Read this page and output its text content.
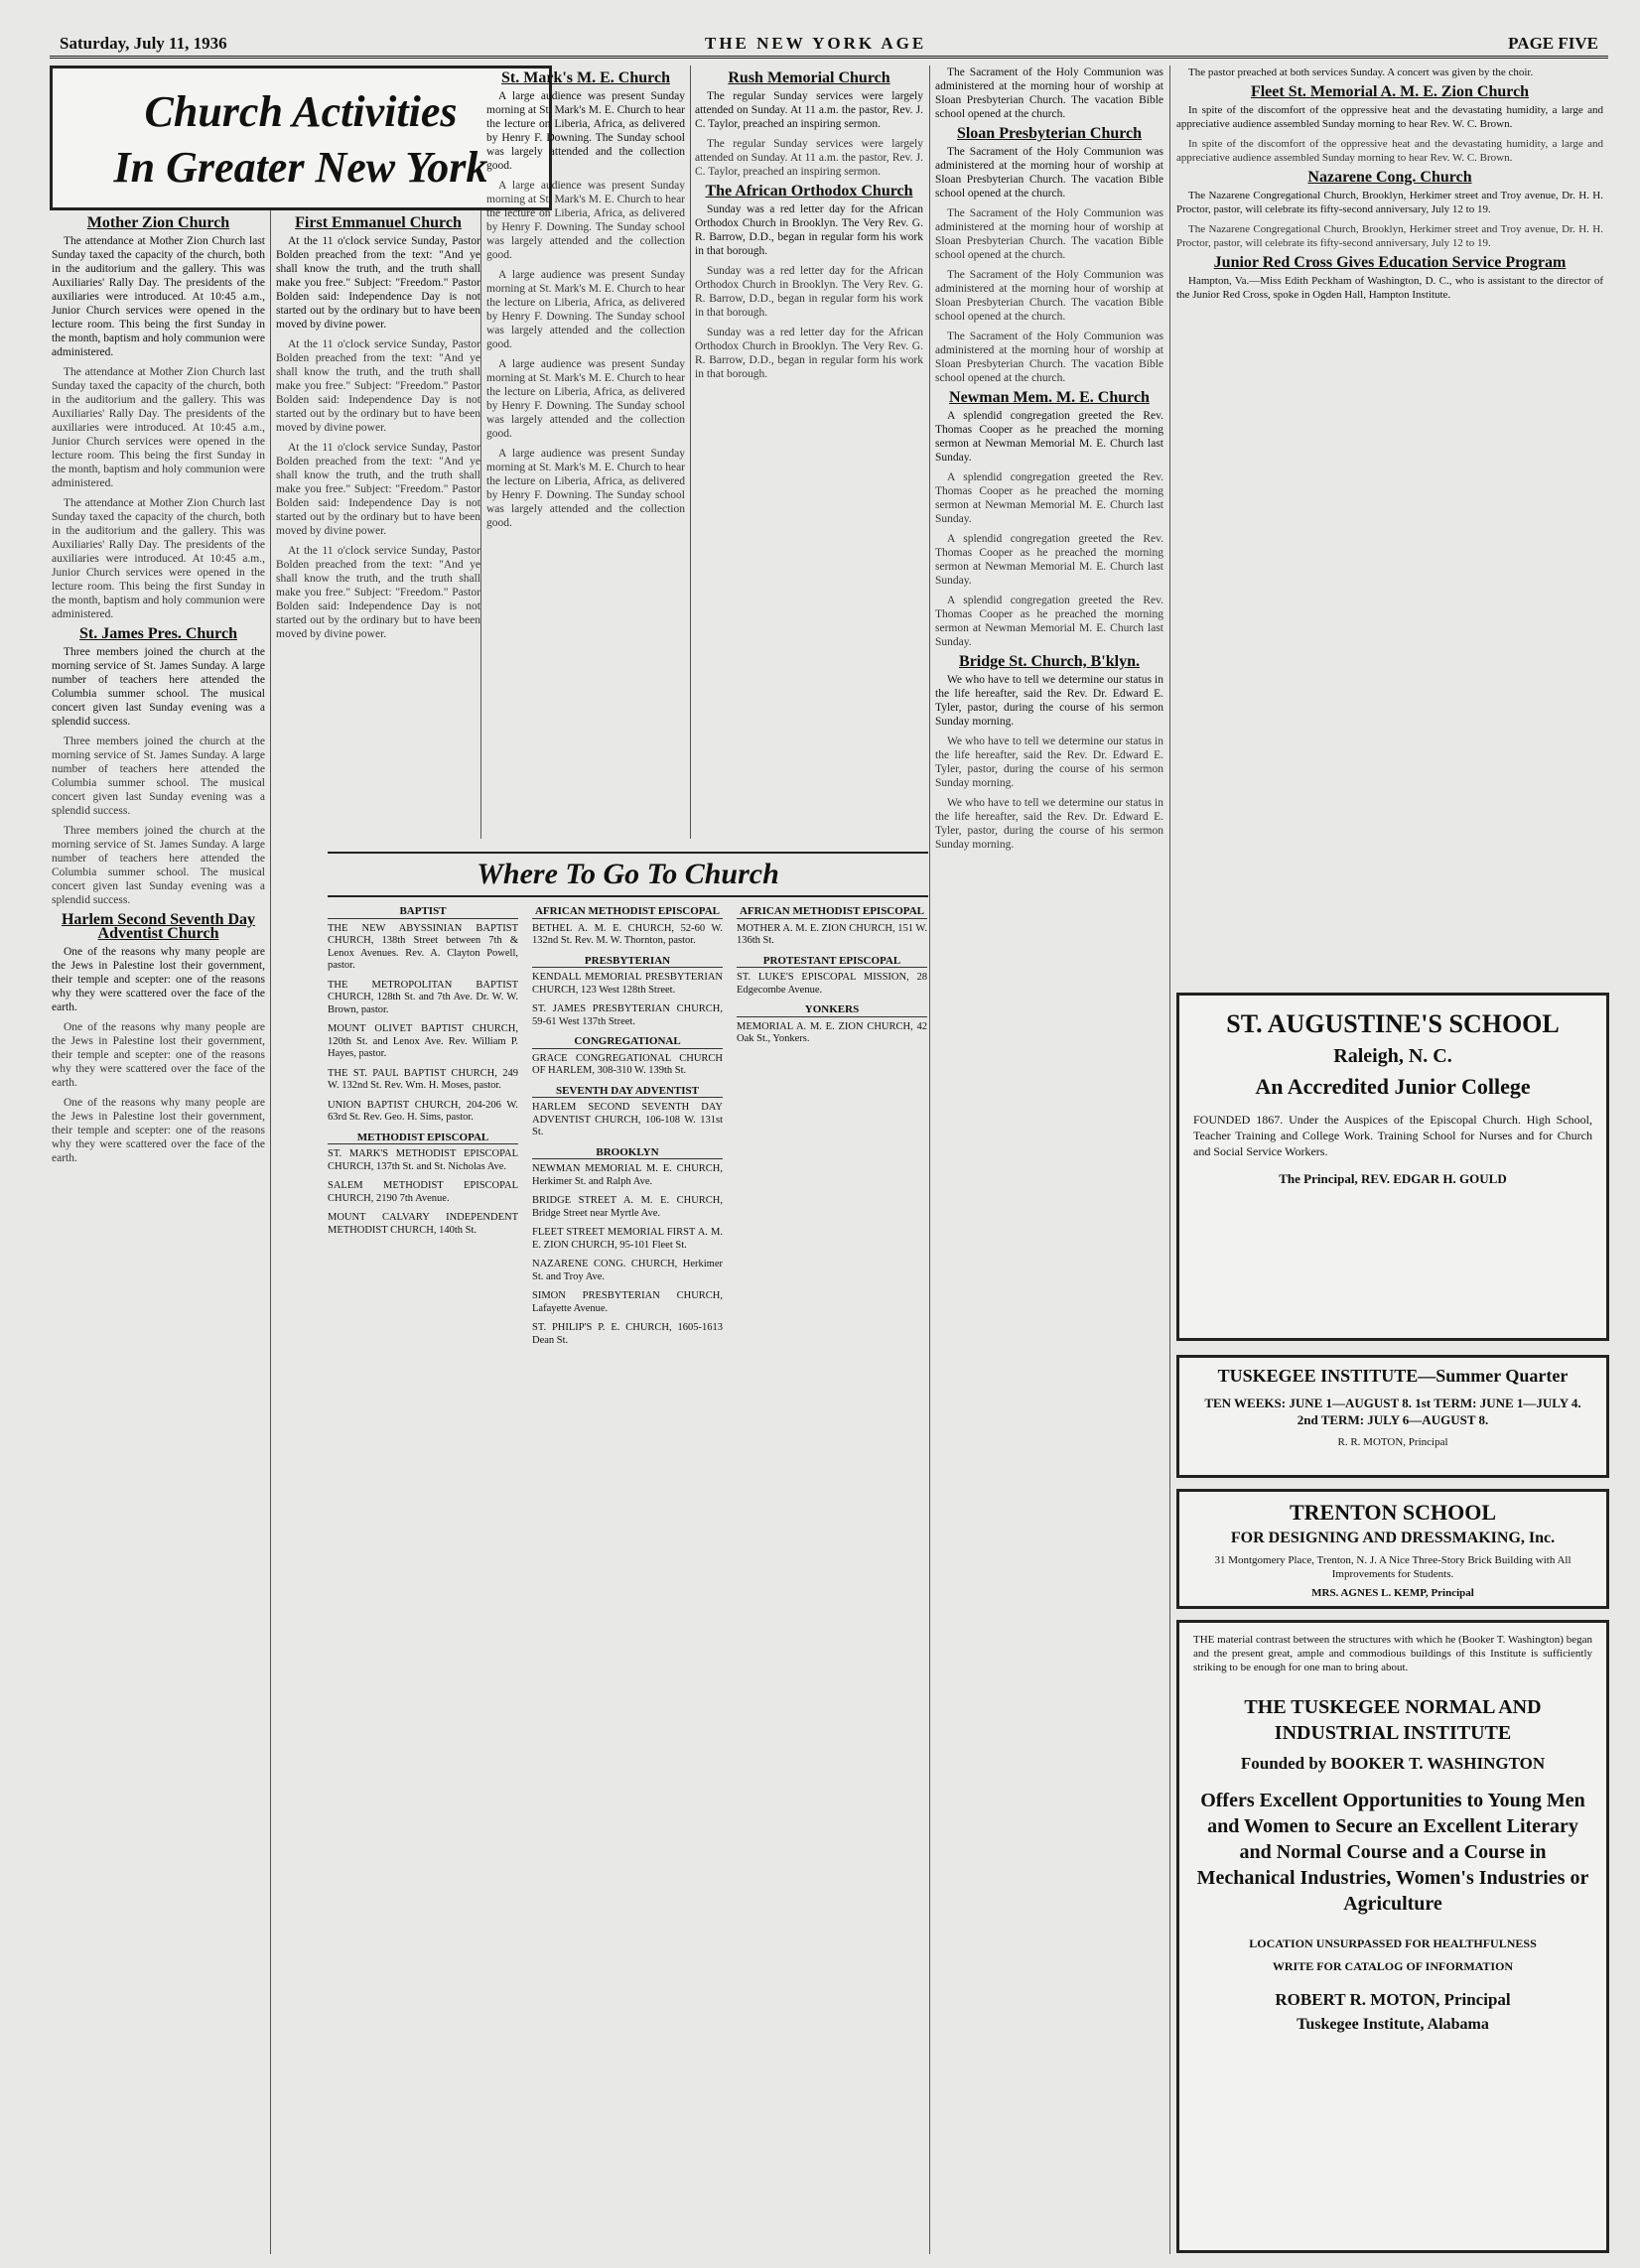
Saturday, July 11, 1936	THE NEW YORK AGE	PAGE FIVE
Church Activities
In Greater New York
Mother Zion Church

The attendance at Mother Zion Church last Sunday taxed the capacity of the church, both in the auditorium and the gallery. This was Auxiliaries' Rally Day. The presidents of the auxiliaries were introduced. At 10:45 a.m., Junior Church services were opened in the lecture room. This being the first Sunday in the month, baptism and holy communion were administered.

The attendance at Mother Zion Church last Sunday taxed the capacity of the church, both in the auditorium and the gallery. This was Auxiliaries' Rally Day. The presidents of the auxiliaries were introduced. At 10:45 a.m., Junior Church services were opened in the lecture room. This being the first Sunday in the month, baptism and holy communion were administered.

The attendance at Mother Zion Church last Sunday taxed the capacity of the church, both in the auditorium and the gallery. This was Auxiliaries' Rally Day. The presidents of the auxiliaries were introduced. At 10:45 a.m., Junior Church services were opened in the lecture room. This being the first Sunday in the month, baptism and holy communion were administered.

St. James Pres. Church

Three members joined the church at the morning service of St. James Sunday. A large number of teachers here attended the Columbia summer school. The musical concert given last Sunday evening was a splendid success.

Three members joined the church at the morning service of St. James Sunday. A large number of teachers here attended the Columbia summer school. The musical concert given last Sunday evening was a splendid success.

Three members joined the church at the morning service of St. James Sunday. A large number of teachers here attended the Columbia summer school. The musical concert given last Sunday evening was a splendid success.

Harlem Second Seventh Day Adventist Church

One of the reasons why many people are the Jews in Palestine lost their government, their temple and scepter: one of the reasons why they were scattered over the face of the earth.

One of the reasons why many people are the Jews in Palestine lost their government, their temple and scepter: one of the reasons why they were scattered over the face of the earth.

One of the reasons why many people are the Jews in Palestine lost their government, their temple and scepter: one of the reasons why they were scattered over the face of the earth.

First Emmanuel Church

At the 11 o'clock service Sunday, Pastor Bolden preached from the text: "And ye shall know the truth, and the truth shall make you free." Subject: "Freedom." Pastor Bolden said: Independence Day is not started out by the ordinary but to have been moved by divine power.

At the 11 o'clock service Sunday, Pastor Bolden preached from the text: "And ye shall know the truth, and the truth shall make you free." Subject: "Freedom." Pastor Bolden said: Independence Day is not started out by the ordinary but to have been moved by divine power.

At the 11 o'clock service Sunday, Pastor Bolden preached from the text: "And ye shall know the truth, and the truth shall make you free." Subject: "Freedom." Pastor Bolden said: Independence Day is not started out by the ordinary but to have been moved by divine power.

At the 11 o'clock service Sunday, Pastor Bolden preached from the text: "And ye shall know the truth, and the truth shall make you free." Subject: "Freedom." Pastor Bolden said: Independence Day is not started out by the ordinary but to have been moved by divine power.

St. Mark's M. E. Church

A large audience was present Sunday morning at St. Mark's M. E. Church to hear the lecture on Liberia, Africa, as delivered by Henry F. Downing. The Sunday school was largely attended and the collection good.

A large audience was present Sunday morning at St. Mark's M. E. Church to hear the lecture on Liberia, Africa, as delivered by Henry F. Downing. The Sunday school was largely attended and the collection good.

A large audience was present Sunday morning at St. Mark's M. E. Church to hear the lecture on Liberia, Africa, as delivered by Henry F. Downing. The Sunday school was largely attended and the collection good.

A large audience was present Sunday morning at St. Mark's M. E. Church to hear the lecture on Liberia, Africa, as delivered by Henry F. Downing. The Sunday school was largely attended and the collection good.

A large audience was present Sunday morning at St. Mark's M. E. Church to hear the lecture on Liberia, Africa, as delivered by Henry F. Downing. The Sunday school was largely attended and the collection good.

Rush Memorial Church

The regular Sunday services were largely attended on Sunday. At 11 a.m. the pastor, Rev. J. C. Taylor, preached an inspiring sermon.

The regular Sunday services were largely attended on Sunday. At 11 a.m. the pastor, Rev. J. C. Taylor, preached an inspiring sermon.

The African Orthodox Church

Sunday was a red letter day for the African Orthodox Church in Brooklyn. The Very Rev. G. R. Barrow, D.D., began in regular form his work in that borough.

Sunday was a red letter day for the African Orthodox Church in Brooklyn. The Very Rev. G. R. Barrow, D.D., began in regular form his work in that borough.

Sunday was a red letter day for the African Orthodox Church in Brooklyn. The Very Rev. G. R. Barrow, D.D., began in regular form his work in that borough.

Where To Go To Church
BAPTIST

THE NEW ABYSSINIAN BAPTIST CHURCH, 138th Street between 7th & Lenox Avenues. Rev. A. Clayton Powell, pastor.

THE METROPOLITAN BAPTIST CHURCH, 128th St. and 7th Ave. Dr. W. W. Brown, pastor.

MOUNT OLIVET BAPTIST CHURCH, 120th St. and Lenox Ave. Rev. William P. Hayes, pastor.

THE ST. PAUL BAPTIST CHURCH, 249 W. 132nd St. Rev. Wm. H. Moses, pastor.

UNION BAPTIST CHURCH, 204-206 W. 63rd St. Rev. Geo. H. Sims, pastor.

METHODIST EPISCOPAL

ST. MARK'S METHODIST EPISCOPAL CHURCH, 137th St. and St. Nicholas Ave.

SALEM METHODIST EPISCOPAL CHURCH, 2190 7th Avenue.

MOUNT CALVARY INDEPENDENT METHODIST CHURCH, 140th St.

AFRICAN METHODIST EPISCOPAL

BETHEL A. M. E. CHURCH, 52-60 W. 132nd St. Rev. M. W. Thornton, pastor.

PRESBYTERIAN

KENDALL MEMORIAL PRESBYTERIAN CHURCH, 123 West 128th Street.

ST. JAMES PRESBYTERIAN CHURCH, 59-61 West 137th Street.

CONGREGATIONAL

GRACE CONGREGATIONAL CHURCH OF HARLEM, 308-310 W. 139th St.

SEVENTH DAY ADVENTIST

HARLEM SECOND SEVENTH DAY ADVENTIST CHURCH, 106-108 W. 131st St.

BROOKLYN

NEWMAN MEMORIAL M. E. CHURCH, Herkimer St. and Ralph Ave.

BRIDGE STREET A. M. E. CHURCH, Bridge Street near Myrtle Ave.

FLEET STREET MEMORIAL FIRST A. M. E. ZION CHURCH, 95-101 Fleet St.

NAZARENE CONG. CHURCH, Herkimer St. and Troy Ave.

SIMON PRESBYTERIAN CHURCH, Lafayette Avenue.

ST. PHILIP'S P. E. CHURCH, 1605-1613 Dean St.

AFRICAN METHODIST EPISCOPAL

MOTHER A. M. E. ZION CHURCH, 151 W. 136th St.

PROTESTANT EPISCOPAL

ST. LUKE'S EPISCOPAL MISSION, 28 Edgecombe Avenue.

YONKERS

MEMORIAL A. M. E. ZION CHURCH, 42 Oak St., Yonkers.

The Sacrament of the Holy Communion was administered at the morning hour of worship at Sloan Presbyterian Church. The vacation Bible school opened at the church.

Sloan Presbyterian Church

The Sacrament of the Holy Communion was administered at the morning hour of worship at Sloan Presbyterian Church. The vacation Bible school opened at the church.

The Sacrament of the Holy Communion was administered at the morning hour of worship at Sloan Presbyterian Church. The vacation Bible school opened at the church.

The Sacrament of the Holy Communion was administered at the morning hour of worship at Sloan Presbyterian Church. The vacation Bible school opened at the church.

The Sacrament of the Holy Communion was administered at the morning hour of worship at Sloan Presbyterian Church. The vacation Bible school opened at the church.

Newman Mem. M. E. Church

A splendid congregation greeted the Rev. Thomas Cooper as he preached the morning sermon at Newman Memorial M. E. Church last Sunday.

A splendid congregation greeted the Rev. Thomas Cooper as he preached the morning sermon at Newman Memorial M. E. Church last Sunday.

A splendid congregation greeted the Rev. Thomas Cooper as he preached the morning sermon at Newman Memorial M. E. Church last Sunday.

A splendid congregation greeted the Rev. Thomas Cooper as he preached the morning sermon at Newman Memorial M. E. Church last Sunday.

Bridge St. Church, B'klyn.

We who have to tell we determine our status in the life hereafter, said the Rev. Dr. Edward E. Tyler, pastor, during the course of his sermon Sunday morning.

We who have to tell we determine our status in the life hereafter, said the Rev. Dr. Edward E. Tyler, pastor, during the course of his sermon Sunday morning.

We who have to tell we determine our status in the life hereafter, said the Rev. Dr. Edward E. Tyler, pastor, during the course of his sermon Sunday morning.

The pastor preached at both services Sunday. A concert was given by the choir.

Fleet St. Memorial A. M. E. Zion Church

In spite of the discomfort of the oppressive heat and the devastating humidity, a large and appreciative audience assembled Sunday morning to hear Rev. W. C. Brown.

In spite of the discomfort of the oppressive heat and the devastating humidity, a large and appreciative audience assembled Sunday morning to hear Rev. W. C. Brown.

Nazarene Cong. Church

The Nazarene Congregational Church, Brooklyn, Herkimer street and Troy avenue, Dr. H. H. Proctor, pastor, will celebrate its fifty-second anniversary, July 12 to 19.

The Nazarene Congregational Church, Brooklyn, Herkimer street and Troy avenue, Dr. H. H. Proctor, pastor, will celebrate its fifty-second anniversary, July 12 to 19.

Junior Red Cross Gives Education Service Program

Hampton, Va.—Miss Edith Peckham of Washington, D. C., who is assistant to the director of the Junior Red Cross, spoke in Ogden Hall, Hampton Institute.

ST. AUGUSTINE'S SCHOOL
Raleigh, N. C.
An Accredited Junior College
FOUNDED 1867. Under the Auspices of the Episcopal Church. High School, Teacher Training and College Work. Training School for Nurses and for Church and Social Service Workers.
The Principal, REV. EDGAR H. GOULD
TUSKEGEE INSTITUTE—Summer Quarter
TEN WEEKS: JUNE 1—AUGUST 8. 1st TERM: JUNE 1—JULY 4. 2nd TERM: JULY 6—AUGUST 8.
R. R. MOTON, Principal
TRENTON SCHOOL
FOR DESIGNING AND DRESSMAKING, Inc.
31 Montgomery Place, Trenton, N. J. A Nice Three-Story Brick Building with All Improvements for Students.
MRS. AGNES L. KEMP, Principal
THE material contrast between the structures with which he (Booker T. Washington) began and the present great, ample and commodious buildings of this Institute is sufficiently striking to be enough for one man to bring about.
THE TUSKEGEE NORMAL AND INDUSTRIAL INSTITUTE
Founded by BOOKER T. WASHINGTON
Offers Excellent Opportunities to Young Men and Women to Secure an Excellent Literary and Normal Course and a Course in Mechanical Industries, Women's Industries or Agriculture
LOCATION UNSURPASSED FOR HEALTHFULNESS
WRITE FOR CATALOG OF INFORMATION
ROBERT R. MOTON, Principal
Tuskegee Institute, Alabama
